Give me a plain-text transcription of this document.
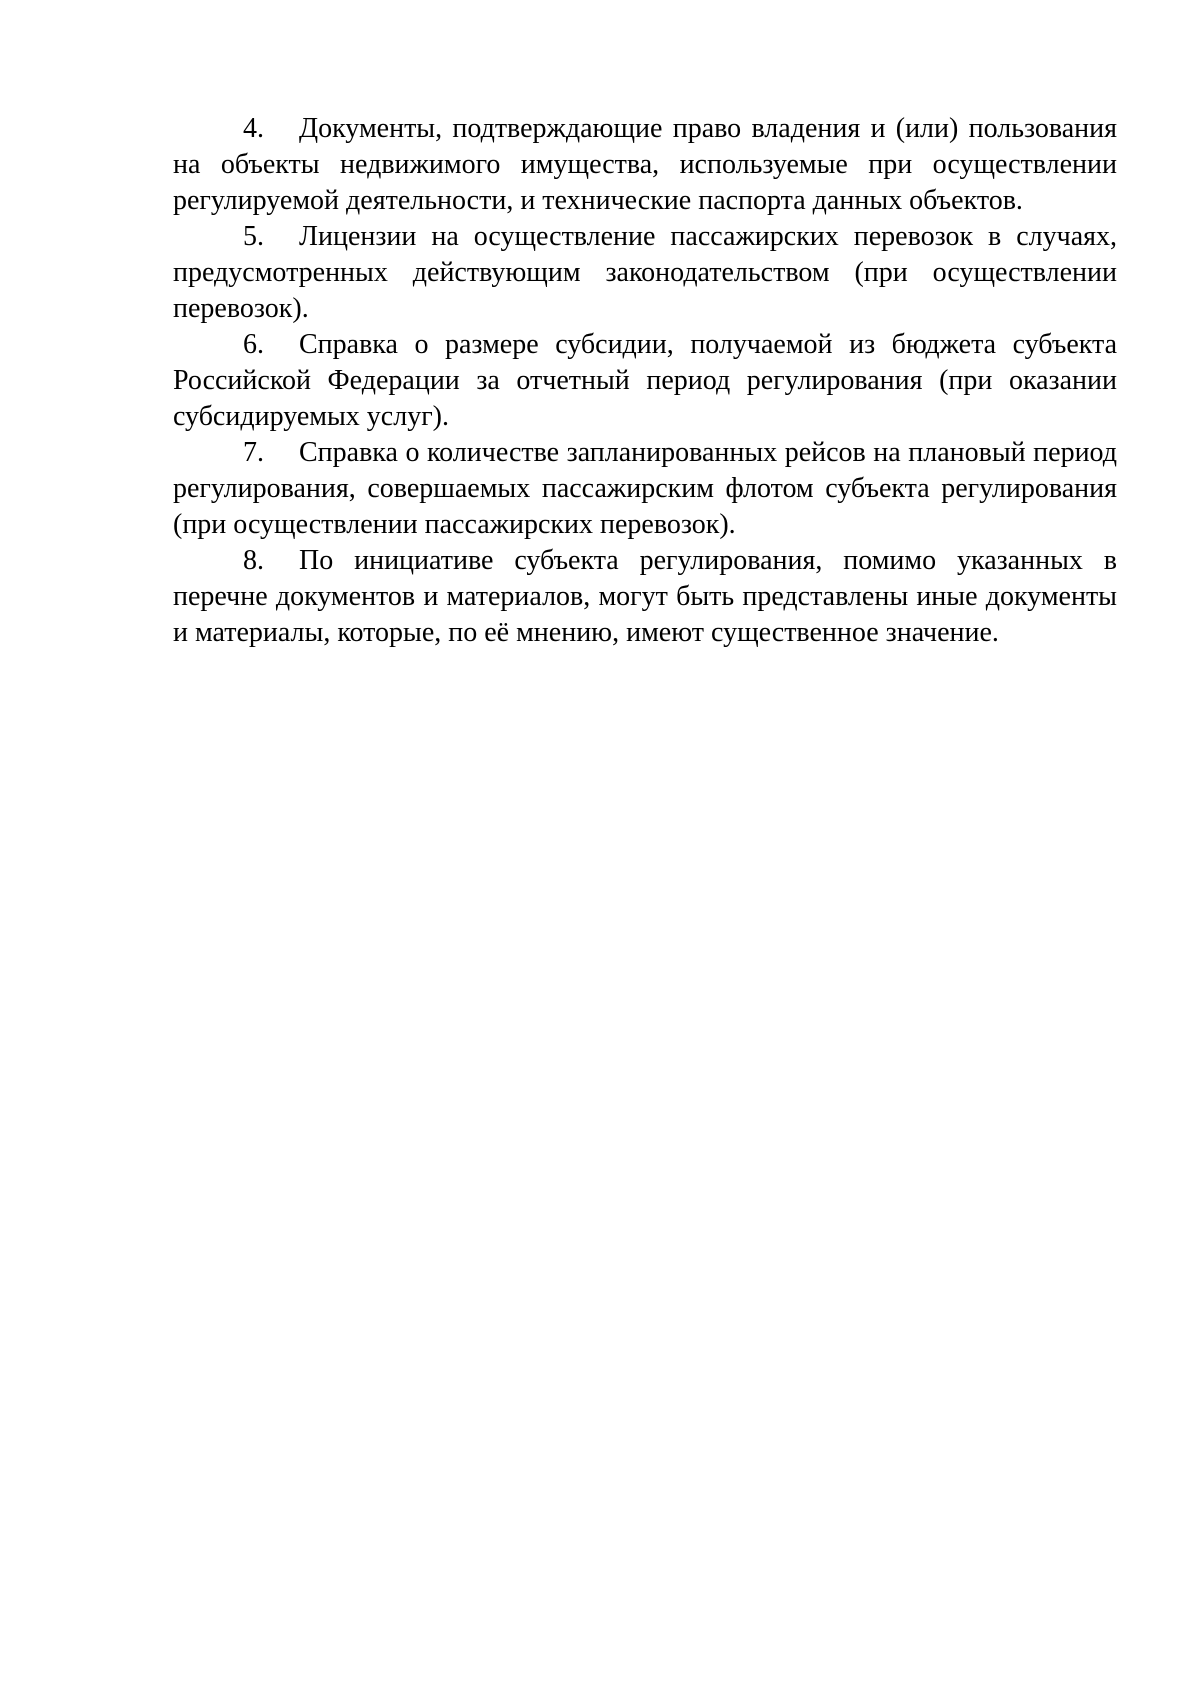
4. Документы, подтверждающие право владения и (или) пользования на объекты недвижимого имущества, используемые при осуществлении регулируемой деятельности, и технические паспорта данных объектов.

5. Лицензии на осуществление пассажирских перевозок в случаях, предусмотренных действующим законодательством (при осуществлении перевозок).

6. Справка о размере субсидии, получаемой из бюджета субъекта Российской Федерации за отчетный период регулирования (при оказании субсидируемых услуг).

7. Справка о количестве запланированных рейсов на плановый период регулирования, совершаемых пассажирским флотом субъекта регулирования (при осуществлении пассажирских перевозок).

8. По инициативе субъекта регулирования, помимо указанных в перечне документов и материалов, могут быть представлены иные документы и материалы, которые, по её мнению, имеют существенное значение.
